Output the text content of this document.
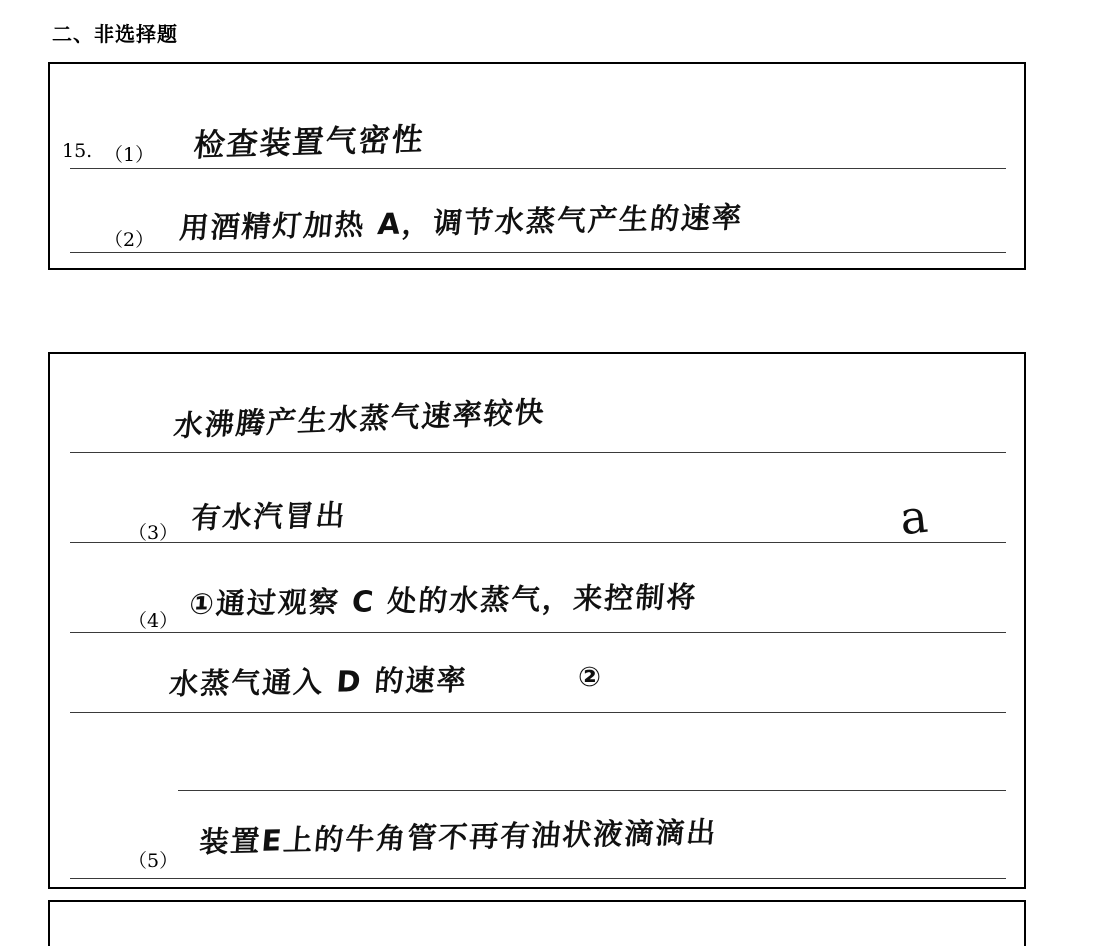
二、非选择题
15. （1） 检查装置气密性
（2） 用酒精灯加热 A，调节水蒸气产生的速率
水沸腾产生水蒸气速率较快
（3） 有水汽冒出	a
（4）
①通过观察 C 处的水蒸气，来控制将
水蒸气通入 D 的速率	②
（5）
装置E上的牛角管不再有油状液滴滴出
